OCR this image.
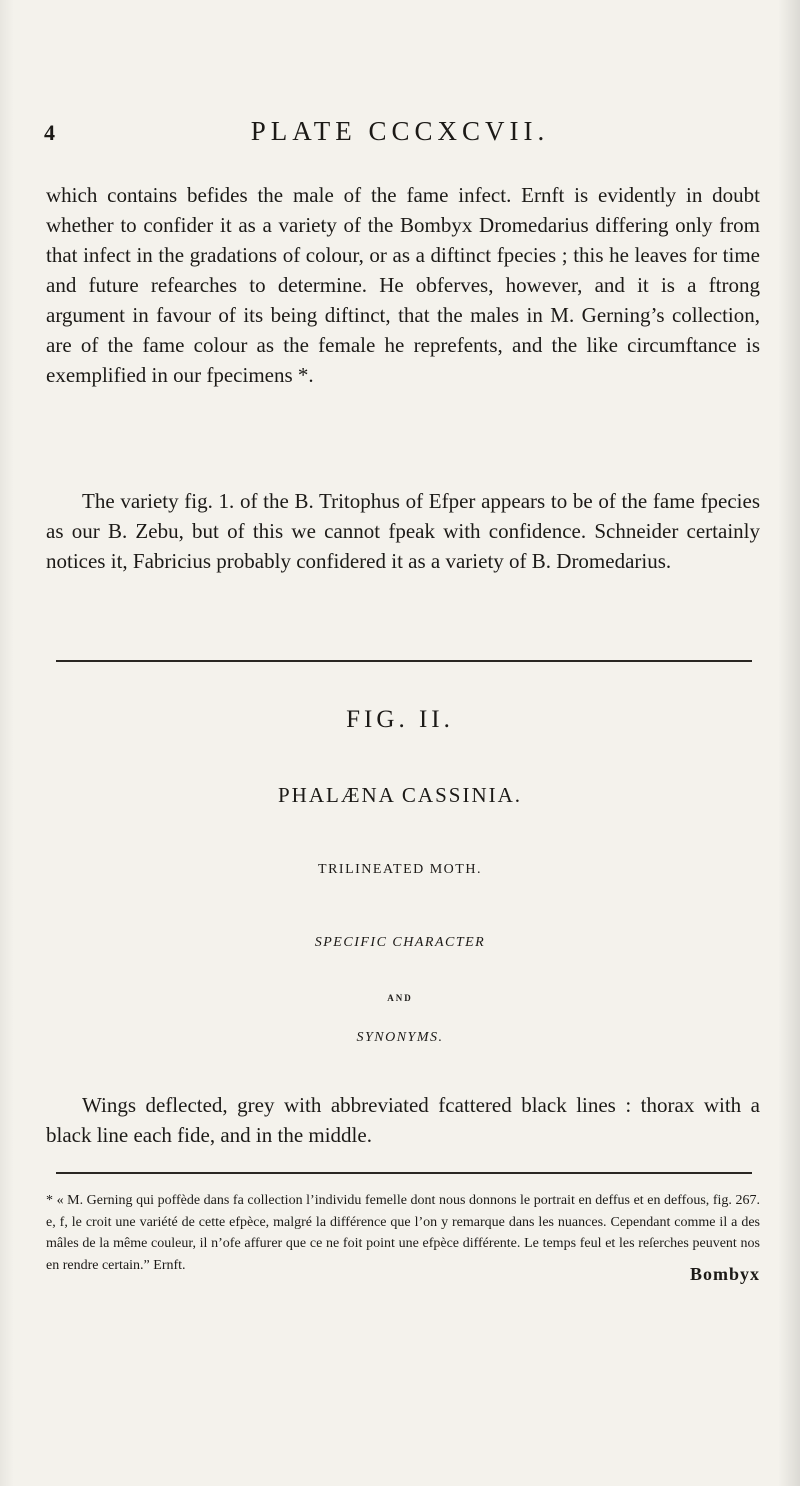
4	PLATE CCCXCVII.

which contains befides the male of the fame infect. Ernft is evidently in doubt whether to confider it as a variety of the Bombyx Dromedarius differing only from that infect in the gradations of colour, or as a diftinct fpecies ; this he leaves for time and future refearches to determine. He obferves, however, and it is a ftrong argument in favour of its being diftinct, that the males in M. Gerning’s collection, are of the fame colour as the female he reprefents, and the like circumftance is exemplified in our fpecimens *.

The variety fig. 1. of the B. Tritophus of Efper appears to be of the fame fpecies as our B. Zebu, but of this we cannot fpeak with confidence. Schneider certainly notices it, Fabricius probably confidered it as a variety of B. Dromedarius.

FIG. II.
PHALÆNA CASSINIA.
TRILINEATED MOTH.
SPECIFIC CHARACTER
AND
SYNONYMS.

Wings deflected, grey with abbreviated fcattered black lines : thorax with a black line each fide, and in the middle.

* « M. Gerning qui poffède dans fa collection l’individu femelle dont nous donnons le portrait en deffus et en deffous, fig. 267. e, f, le croit une variété de cette efpèce, malgré la différence que l’on y remarque dans les nuances. Cependant comme il a des mâles de la même couleur, il n’ofe affurer que ce ne foit point une efpèce différente. Le temps feul et les reſerches peuvent nos en rendre certain.” Ernft.	Bombyx
